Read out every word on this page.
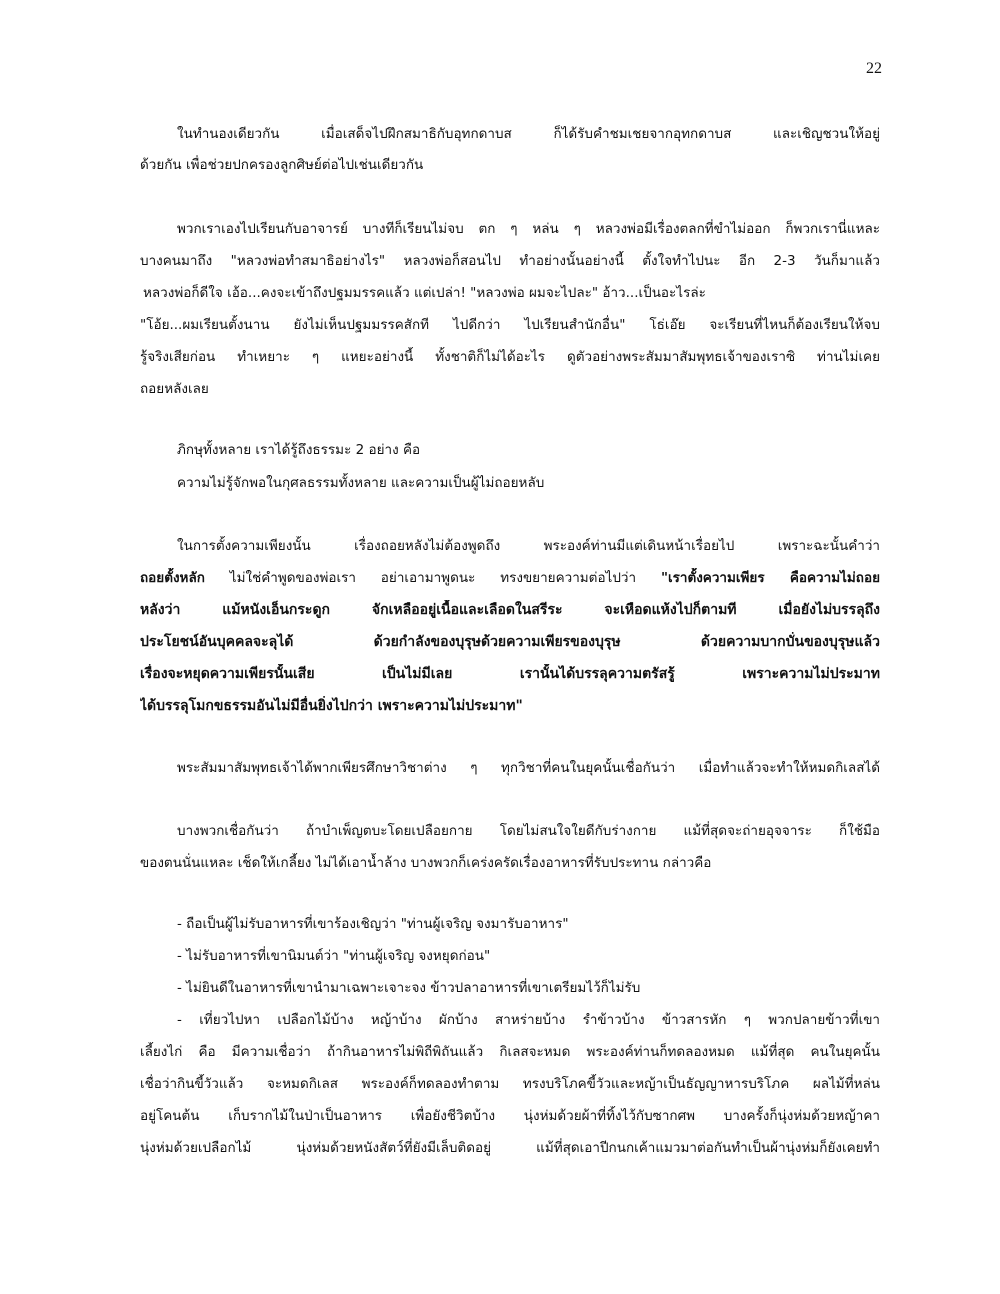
22
ในทำนองเดียวกัน เมื่อเสด็จไปฝึกสมาธิกับอุทกดาบส ก็ได้รับคำชมเชยจากอุทกดาบส และเชิญชวนให้อยู่
ด้วยกัน เพื่อช่วยปกครองลูกศิษย์ต่อไปเช่นเดียวกัน
พวกเราเองไปเรียนกับอาจารย์ บางทีก็เรียนไม่จบ ตก ๆ หล่น ๆ หลวงพ่อมีเรื่องตลกที่ขำไม่ออก ก็พวกเรานี่แหละ
บางคนมาถึง "หลวงพ่อทำสมาธิอย่างไร" หลวงพ่อก็สอนไป ทำอย่างนั้นอย่างนี้ ตั้งใจทำไปนะ อีก 2-3 วันก็มาแล้ว
หลวงพ่อก็ดีใจ เอ้อ...คงจะเข้าถึงปฐมมรรคแล้ว แต่เปล่า! "หลวงพ่อ ผมจะไปละ" อ้าว...เป็นอะไรล่ะ
"โอ้ย...ผมเรียนตั้งนาน ยังไม่เห็นปฐมมรรคสักที ไปดีกว่า ไปเรียนสำนักอื่น" โธ่เอ๊ย จะเรียนที่ไหนก็ต้องเรียนให้จบ
รู้จริงเสียก่อน ทำเหยาะ ๆ แหยะอย่างนี้ ทั้งชาติก็ไม่ได้อะไร ดูตัวอย่างพระสัมมาสัมพุทธเจ้าของเราซิ ท่านไม่เคย
ถอยหลังเลย
ภิกษุทั้งหลาย เราได้รู้ถึงธรรมะ 2 อย่าง คือ
ความไม่รู้จักพอในกุศลธรรมทั้งหลาย และความเป็นผู้ไม่ถอยหลับ
ในการตั้งความเพียงนั้น เรื่องถอยหลังไม่ต้องพูดถึง พระองค์ท่านมีแต่เดินหน้าเรื่อยไป เพราะฉะนั้นคำว่า
ถอยตั้งหลัก ไม่ใช่คำพูดของพ่อเรา อย่าเอามาพูดนะ ทรงขยายความต่อไปว่า "เราตั้งความเพียร คือความไม่ถอย
หลังว่า แม้หนังเอ็นกระดูก จักเหลืออยู่เนื้อและเลือดในสรีระ จะเหือดแห้งไปก็ตามที เมื่อยังไม่บรรลุถึง
ประโยชน์อันบุคคลจะลุได้ ด้วยกำลังของบุรุษด้วยความเพียรของบุรุษ ด้วยความบากบั่นของบุรุษแล้ว
เรื่องจะหยุดความเพียรนั้นเสีย เป็นไม่มีเลย เรานั้นได้บรรลุความตรัสรู้ เพราะความไม่ประมาท
ได้บรรลุโมกขธรรมอันไม่มีอื่นยิ่งไปกว่า เพราะความไม่ประมาท"
พระสัมมาสัมพุทธเจ้าได้พากเพียรศึกษาวิชาต่าง ๆ ทุกวิชาที่คนในยุคนั้นเชื่อกันว่า เมื่อทำแล้วจะทำให้หมดกิเลสได้
บางพวกเชื่อกันว่า ถ้าบำเพ็ญตบะโดยเปลือยกาย โดยไม่สนใจใยดีกับร่างกาย แม้ที่สุดจะถ่ายอุจจาระ ก็ใช้มือ
ของตนนั่นแหละ เช็ดให้เกลี้ยง ไม่ได้เอาน้ำล้าง บางพวกก็เคร่งครัดเรื่องอาหารที่รับประทาน กล่าวคือ
- ถือเป็นผู้ไม่รับอาหารที่เขาร้องเชิญว่า "ท่านผู้เจริญ จงมารับอาหาร"
- ไม่รับอาหารที่เขานิมนต์ว่า "ท่านผู้เจริญ จงหยุดก่อน"
- ไม่ยินดีในอาหารที่เขานำมาเฉพาะเจาะจง ข้าวปลาอาหารที่เขาเตรียมไว้ก็ไม่รับ
- เที่ยวไปหา เปลือกไม้บ้าง หญ้าบ้าง ผักบ้าง สาหร่ายบ้าง รำข้าวบ้าง ข้าวสารหัก ๆ พวกปลายข้าวที่เขา
เลี้ยงไก่ คือ มีความเชื่อว่า ถ้ากินอาหารไม่พิถีพิถันแล้ว กิเลสจะหมด พระองค์ท่านก็ทดลองหมด แม้ที่สุด คนในยุคนั้น
เชื่อว่ากินขี้วัวแล้ว จะหมดกิเลส พระองค์ก็ทดลองทำตาม ทรงบริโภคขี้วัวและหญ้าเป็นธัญญาหารบริโภค ผลไม้ที่หล่น
อยู่โคนต้น เก็บรากไม้ในป่าเป็นอาหาร เพื่อยังชีวิตบ้าง นุ่งห่มด้วยผ้าที่ทิ้งไว้กับซากศพ บางครั้งก็นุ่งห่มด้วยหญ้าคา
นุ่งห่มด้วยเปลือกไม้ นุ่งห่มด้วยหนังสัตว์ที่ยังมีเล็บติดอยู่ แม้ที่สุดเอาปีกนกเค้าแมวมาต่อกันทำเป็นผ้านุ่งห่มก็ยังเคยทำ
